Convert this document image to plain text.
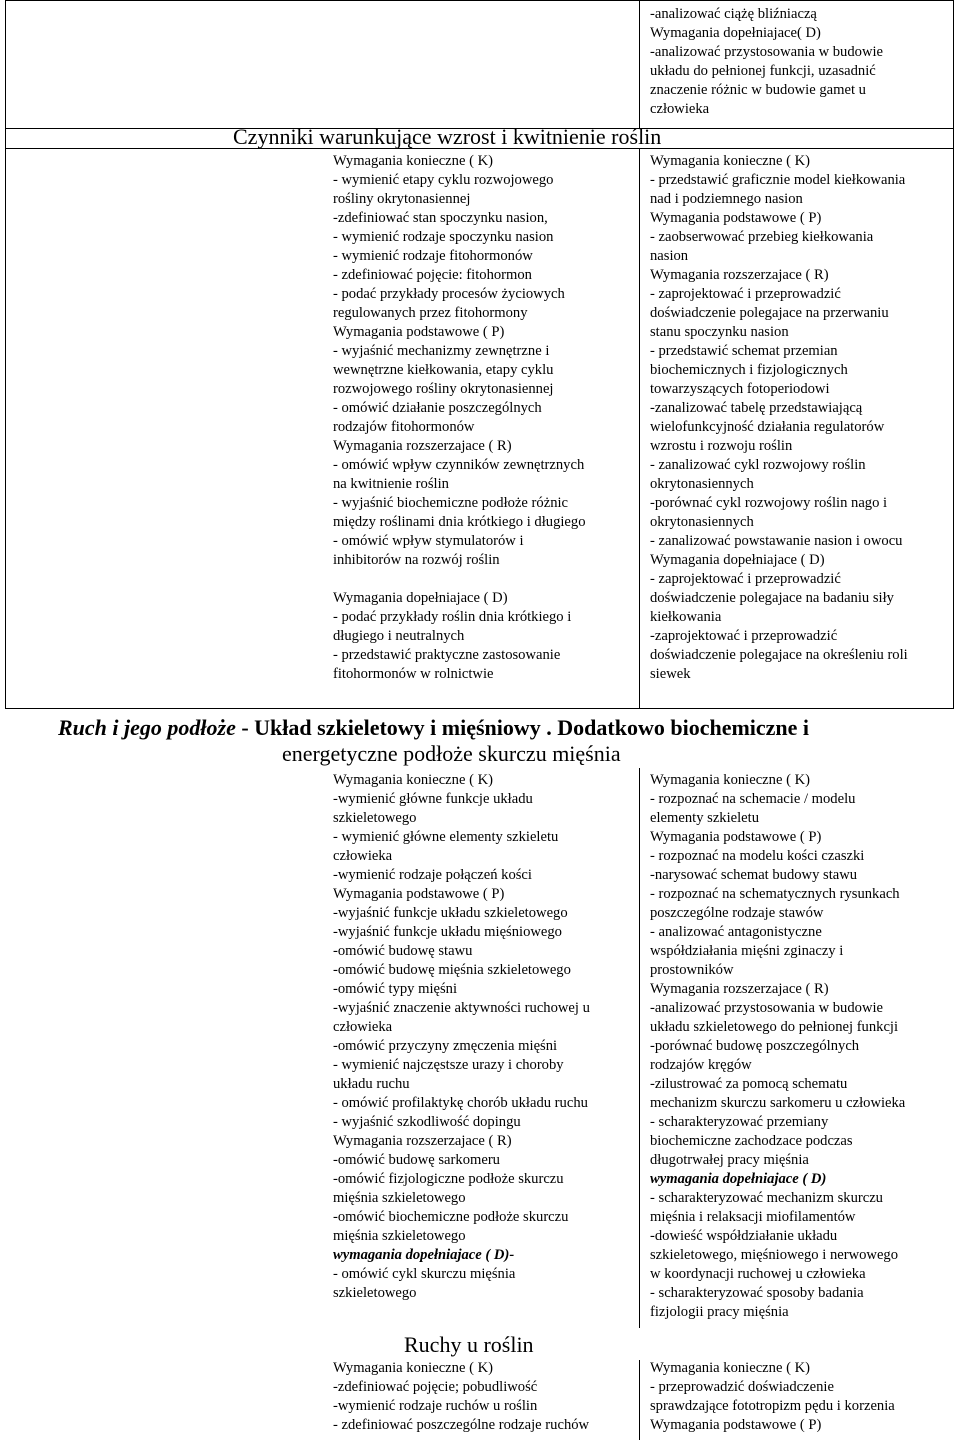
-analizować ciążę bliźniaczą
Wymagania dopełniajace( D)
-analizować przystosowania w budowie
układu do pełnionej funkcji, uzasadnić
znaczenie różnic w budowie gamet u
człowieka
Czynniki warunkujące wzrost i kwitnienie roślin
Wymagania konieczne ( K)
- wymienić etapy cyklu rozwojowego
rośliny okrytonasiennej
-zdefiniować stan spoczynku nasion,
- wymienić rodzaje spoczynku nasion
- wymienić rodzaje fitohormonów
- zdefiniować pojęcie: fitohormon
- podać przykłady procesów życiowych
regulowanych przez fitohormony
Wymagania podstawowe ( P)
- wyjaśnić mechanizmy zewnętrzne i
wewnętrzne kiełkowania, etapy cyklu
rozwojowego rośliny okrytonasiennej
- omówić działanie poszczególnych
rodzajów fitohormonów
Wymagania rozszerzajace ( R)
- omówić wpływ czynników zewnętrznych
na kwitnienie roślin
- wyjaśnić biochemiczne podłoże różnic
między roślinami dnia krótkiego i długiego
- omówić wpływ stymulatorów i
inhibitorów na rozwój roślin

Wymagania dopełniajace ( D)
- podać przykłady roślin dnia krótkiego i
długiego i neutralnych
- przedstawić praktyczne zastosowanie
fitohormonów w rolnictwie
Wymagania konieczne ( K)
- przedstawić graficznie model kiełkowania
nad i podziemnego nasion
Wymagania podstawowe ( P)
- zaobserwować przebieg kiełkowania
nasion
Wymagania rozszerzajace ( R)
- zaprojektować i przeprowadzić
doświadczenie polegajace na przerwaniu
stanu spoczynku nasion
- przedstawić schemat przemian
biochemicznych i fizjologicznych
towarzyszących fotoperiodowi
-zanalizować tabelę przedstawiającą
wielofunkcyjność działania regulatorów
wzrostu i rozwoju roślin
- zanalizować cykl rozwojowy roślin
okrytonasiennych
-porównać cykl rozwojowy roślin nago i
okrytonasiennych
- zanalizować powstawanie nasion i owocu
Wymagania dopełniajace ( D)
- zaprojektować i przeprowadzić
doświadczenie polegajace na badaniu siły
kiełkowania
-zaprojektować i przeprowadzić
doświadczenie polegajace na określeniu roli
siewek
Ruch i jego podłoże - Układ szkieletowy i mięśniowy . Dodatkowo biochemiczne i
energetyczne podłoże skurczu mięśnia
Wymagania konieczne ( K)
-wymienić główne funkcje układu
szkieletowego
- wymienić główne elementy szkieletu
człowieka
-wymienić rodzaje połączeń kości
Wymagania podstawowe ( P)
-wyjaśnić funkcje układu szkieletowego
-wyjaśnić funkcje układu mięśniowego
-omówić budowę stawu
-omówić budowę mięśnia szkieletowego
-omówić typy mięśni
-wyjaśnić znaczenie aktywności ruchowej u
człowieka
-omówić przyczyny zmęczenia mięśni
- wymienić najczęstsze urazy i choroby
układu ruchu
- omówić profilaktykę chorób układu ruchu
- wyjaśnić szkodliwość dopingu
Wymagania rozszerzajace ( R)
-omówić budowę sarkomeru
-omówić fizjologiczne podłoże skurczu
mięśnia szkieletowego
-omówić biochemiczne podłoże skurczu
mięśnia szkieletowego
wymagania dopełniajace ( D)-
- omówić cykl skurczu mięśnia
szkieletowego
Wymagania konieczne ( K)
- rozpoznać na schemacie / modelu
elementy szkieletu
Wymagania podstawowe ( P)
- rozpoznać na modelu kości czaszki
-narysować schemat budowy stawu
- rozpoznać na schematycznych rysunkach
poszczególne rodzaje stawów
- analizować antagonistyczne
współdziałania mięśni zginaczy i
prostowników
Wymagania rozszerzajace ( R)
-analizować przystosowania w budowie
układu szkieletowego do pełnionej funkcji
-porównać budowę poszczególnych
rodzajów kręgów
-zilustrować za pomocą schematu
mechanizm skurczu sarkomeru u człowieka
- scharakteryzować przemiany
biochemiczne zachodzace podczas
długotrwałej pracy mięśnia
wymagania dopełniajace ( D)
- scharakteryzować mechanizm skurczu
mięśnia i relaksacji miofilamentów
-dowieść współdziałanie układu
szkieletowego, mięśniowego i nerwowego
w koordynacji ruchowej u człowieka
- scharakteryzować sposoby badania
fizjologii pracy mięśnia
Ruchy u roślin
Wymagania konieczne ( K)
-zdefiniować pojęcie; pobudliwość
-wymienić rodzaje ruchów u roślin
- zdefiniować poszczególne rodzaje ruchów
Wymagania konieczne ( K)
- przeprowadzić doświadczenie
sprawdzające fototropizm pędu i korzenia
Wymagania podstawowe ( P)
